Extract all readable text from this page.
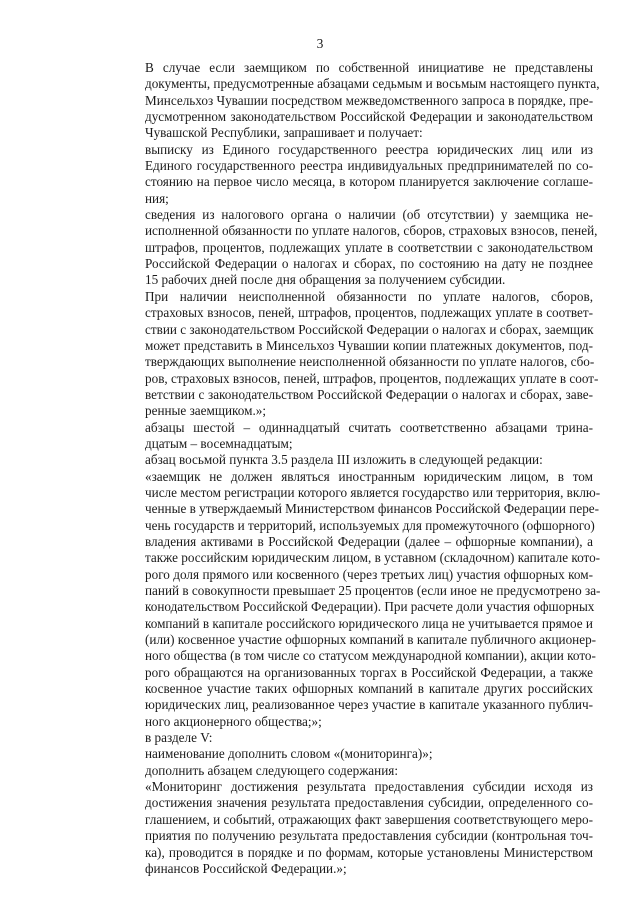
3
В случае если заемщиком по собственной инициативе не представлены
документы, предусмотренные абзацами седьмым и восьмым настоящего пункта,
Минсельхоз Чувашии посредством межведомственного запроса в порядке, пре-
дусмотренном законодательством Российской Федерации и законодательством
Чувашской Республики, запрашивает и получает:
выписку из Единого государственного реестра юридических лиц или из
Единого государственного реестра индивидуальных предпринимателей по со-
стоянию на первое число месяца, в котором планируется заключение соглаше-
ния;
сведения из налогового органа о наличии (об отсутствии) у заемщика не-
исполненной обязанности по уплате налогов, сборов, страховых взносов, пеней,
штрафов, процентов, подлежащих уплате в соответствии с законодательством
Российской Федерации о налогах и сборах, по состоянию на дату не позднее
15 рабочих дней после дня обращения за получением субсидии.
При наличии неисполненной обязанности по уплате налогов, сборов,
страховых взносов, пеней, штрафов, процентов, подлежащих уплате в соответ-
ствии с законодательством Российской Федерации о налогах и сборах, заемщик
может представить в Минсельхоз Чувашии копии платежных документов, под-
тверждающих выполнение неисполненной обязанности по уплате налогов, сбо-
ров, страховых взносов, пеней, штрафов, процентов, подлежащих уплате в соот-
ветствии с законодательством Российской Федерации о налогах и сборах, заве-
ренные заемщиком.»;
абзацы шестой – одиннадцатый считать соответственно абзацами трина-
дцатым – восемнадцатым;
абзац восьмой пункта 3.5 раздела III изложить в следующей редакции:
«заемщик не должен являться иностранным юридическим лицом, в том
числе местом регистрации которого является государство или территория, вклю-
ченные в утверждаемый Министерством финансов Российской Федерации пере-
чень государств и территорий, используемых для промежуточного (офшорного)
владения активами в Российской Федерации (далее – офшорные компании), а
также российским юридическим лицом, в уставном (складочном) капитале кото-
рого доля прямого или косвенного (через третьих лиц) участия офшорных ком-
паний в совокупности превышает 25 процентов (если иное не предусмотрено за-
конодательством Российской Федерации). При расчете доли участия офшорных
компаний в капитале российского юридического лица не учитывается прямое и
(или) косвенное участие офшорных компаний в капитале публичного акционер-
ного общества (в том числе со статусом международной компании), акции кото-
рого обращаются на организованных торгах в Российской Федерации, а также
косвенное участие таких офшорных компаний в капитале других российских
юридических лиц, реализованное через участие в капитале указанного публич-
ного акционерного общества;»;
в разделе V:
наименование дополнить словом «(мониторинга)»;
дополнить абзацем следующего содержания:
«Мониторинг достижения результата предоставления субсидии исходя из
достижения значения результата предоставления субсидии, определенного со-
глашением, и событий, отражающих факт завершения соответствующего меро-
приятия по получению результата предоставления субсидии (контрольная точ-
ка), проводится в порядке и по формам, которые установлены Министерством
финансов Российской Федерации.»;
